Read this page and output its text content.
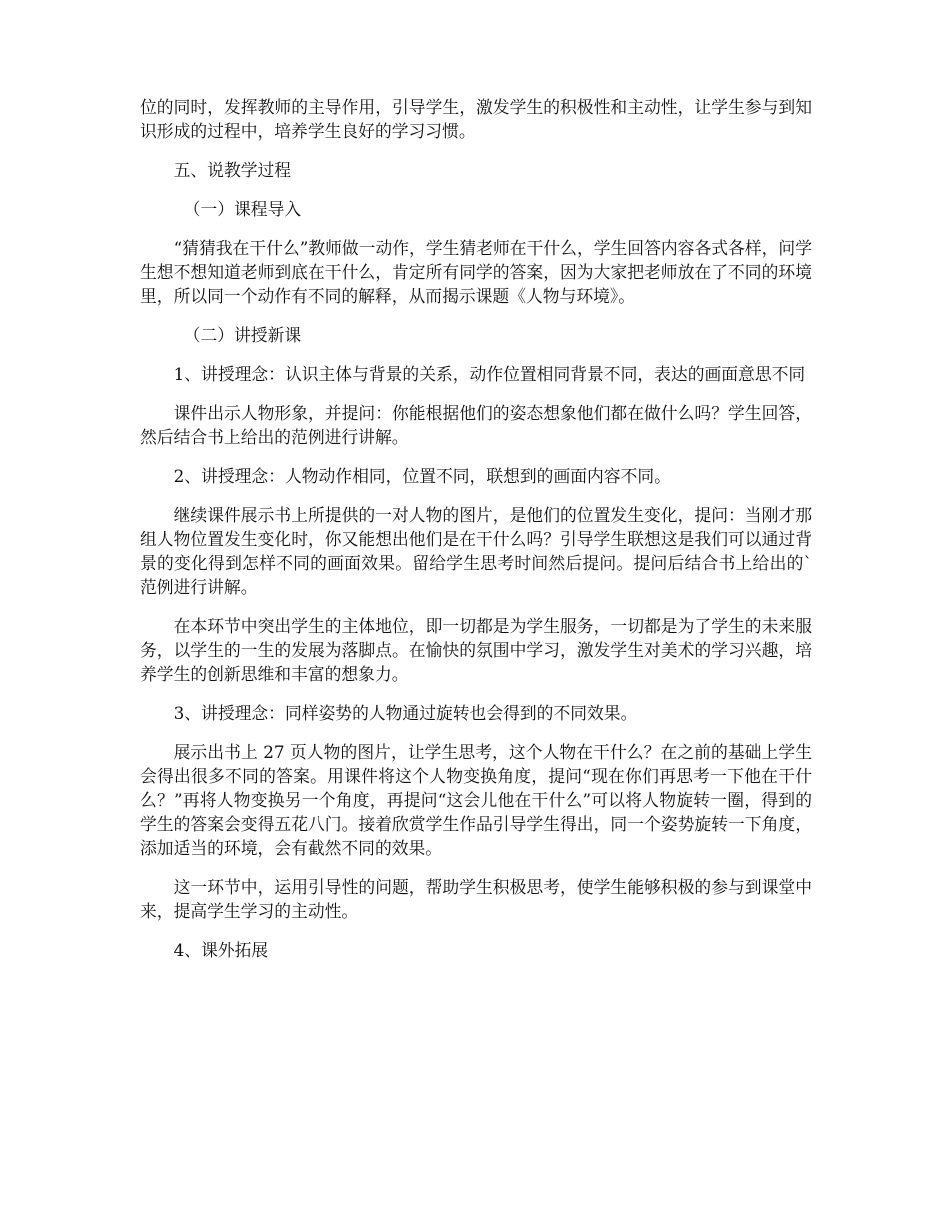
位的同时，发挥教师的主导作用，引导学生，激发学生的积极性和主动性，让学生参与到知识形成的过程中，培养学生良好的学习习惯。

五、说教学过程

（一）课程导入

“猜猜我在干什么”教师做一动作，学生猜老师在干什么，学生回答内容各式各样，问学生想不想知道老师到底在干什么，肯定所有同学的答案，因为大家把老师放在了不同的环境里，所以同一个动作有不同的解释，从而揭示课题《人物与环境》。

（二）讲授新课

1、讲授理念：认识主体与背景的关系，动作位置相同背景不同，表达的画面意思不同

课件出示人物形象，并提问：你能根据他们的姿态想象他们都在做什么吗？学生回答，然后结合书上给出的范例进行讲解。

2、讲授理念：人物动作相同，位置不同，联想到的画面内容不同。

继续课件展示书上所提供的一对人物的图片，是他们的位置发生变化，提问：当刚才那组人物位置发生变化时，你又能想出他们是在干什么吗？引导学生联想这是我们可以通过背景的变化得到怎样不同的画面效果。留给学生思考时间然后提问。提问后结合书上给出的`范例进行讲解。

在本环节中突出学生的主体地位，即一切都是为学生服务，一切都是为了学生的未来服务，以学生的一生的发展为落脚点。在愉快的氛围中学习，激发学生对美术的学习兴趣，培养学生的创新思维和丰富的想象力。

3、讲授理念：同样姿势的人物通过旋转也会得到的不同效果。

展示出书上 27 页人物的图片，让学生思考，这个人物在干什么？在之前的基础上学生会得出很多不同的答案。用课件将这个人物变换角度，提问“现在你们再思考一下他在干什么？”再将人物变换另一个角度，再提问“这会儿他在干什么”可以将人物旋转一圈，得到的学生的答案会变得五花八门。接着欣赏学生作品引导学生得出，同一个姿势旋转一下角度，添加适当的环境，会有截然不同的效果。

这一环节中，运用引导性的问题，帮助学生积极思考，使学生能够积极的参与到课堂中来，提高学生学习的主动性。

4、课外拓展
